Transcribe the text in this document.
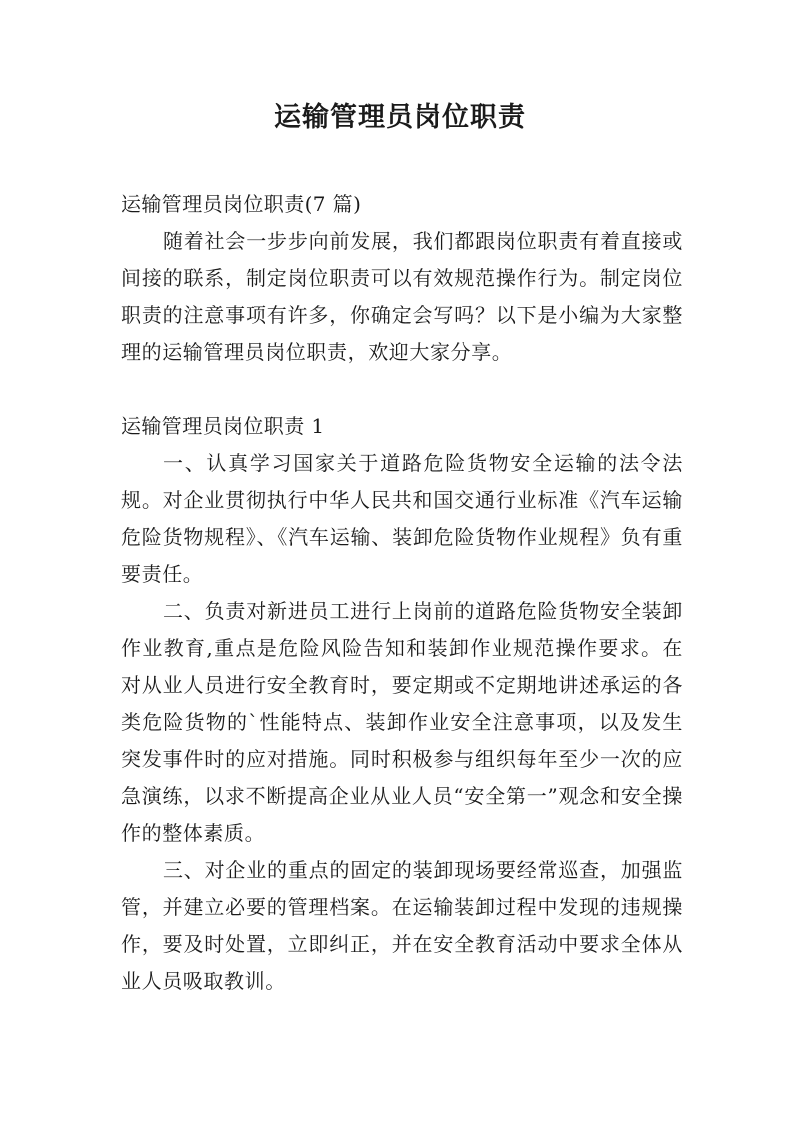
运输管理员岗位职责

运输管理员岗位职责(7 篇)

随着社会一步步向前发展，我们都跟岗位职责有着直接或间接的联系，制定岗位职责可以有效规范操作行为。制定岗位职责的注意事项有许多，你确定会写吗？以下是小编为大家整理的运输管理员岗位职责，欢迎大家分享。

运输管理员岗位职责 1

一、认真学习国家关于道路危险货物安全运输的法令法规。对企业贯彻执行中华人民共和国交通行业标准《汽车运输危险货物规程》、《汽车运输、装卸危险货物作业规程》负有重要责任。

二、负责对新进员工进行上岗前的道路危险货物安全装卸作业教育,重点是危险风险告知和装卸作业规范操作要求。在对从业人员进行安全教育时，要定期或不定期地讲述承运的各类危险货物的`性能特点、装卸作业安全注意事项，以及发生突发事件时的应对措施。同时积极参与组织每年至少一次的应急演练，以求不断提高企业从业人员“安全第一”观念和安全操作的整体素质。

三、对企业的重点的固定的装卸现场要经常巡查，加强监管，并建立必要的管理档案。在运输装卸过程中发现的违规操作，要及时处置，立即纠正，并在安全教育活动中要求全体从业人员吸取教训。
